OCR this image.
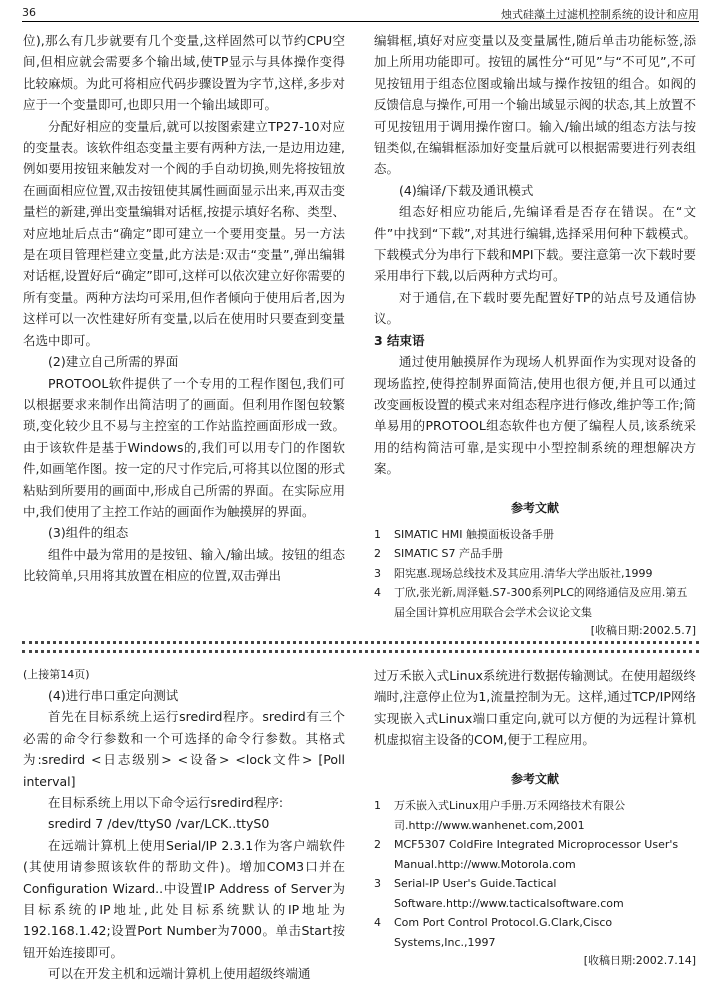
36	烛式硅藻土过滤机控制系统的设计和应用

位),那么有几步就要有几个变量,这样固然可以节约CPU空间,但相应就会需要多个输出域,使TP显示与具体操作变得比较麻烦。为此可将相应代码步骤设置为字节,这样,多步对应于一个变量即可,也即只用一个输出域即可。

分配好相应的变量后,就可以按图索建立TP27-10对应的变量表。该软件组态变量主要有两种方法,一是边用边建,例如要用按钮来触发对一个阀的手自动切换,则先将按钮放在画面相应位置,双击按钮使其属性画面显示出来,再双击变量栏的新建,弹出变量编辑对话框,按提示填好名称、类型、对应地址后点击“确定”即可建立一个要用变量。另一方法是在项目管理栏建立变量,此方法是:双击“变量”,弹出编辑对话框,设置好后“确定”即可,这样可以依次建立好你需要的所有变量。两种方法均可采用,但作者倾向于使用后者,因为这样可以一次性建好所有变量,以后在使用时只要查到变量名选中即可。

(2)建立自己所需的界面

PROTOOL软件提供了一个专用的工程作图包,我们可以根据要求来制作出简洁明了的画面。但利用作图包较繁琐,变化较少且不易与主控室的工作站监控画面形成一致。由于该软件是基于Windows的,我们可以用专门的作图软件,如画笔作图。按一定的尺寸作完后,可将其以位图的形式粘贴到所要用的画面中,形成自己所需的界面。在实际应用中,我们使用了主控工作站的画面作为触摸屏的界面。

(3)组件的组态

组件中最为常用的是按钮、输入/输出域。按钮的组态比较简单,只用将其放置在相应的位置,双击弹出

编辑框,填好对应变量以及变量属性,随后单击功能标签,添加上所用功能即可。按钮的属性分“可见”与“不可见”,不可见按钮用于组态位图或输出域与操作按钮的组合。如阀的反馈信息与操作,可用一个输出域显示阀的状态,其上放置不可见按钮用于调用操作窗口。输入/输出域的组态方法与按钮类似,在编辑框添加好变量后就可以根据需要进行列表组态。

(4)编译/下载及通讯模式

组态好相应功能后,先编译看是否存在错误。在“文件”中找到“下载”,对其进行编辑,选择采用何种下载模式。下载模式分为串行下载和MPI下载。要注意第一次下载时要采用串行下载,以后两种方式均可。

对于通信,在下载时要先配置好TP的站点号及通信协议。

3 结束语

通过使用触摸屏作为现场人机界面作为实现对设备的现场监控,使得控制界面简洁,使用也很方便,并且可以通过改变画板设置的模式来对组态程序进行修改,维护等工作;简单易用的PROTOOL组态软件也方便了编程人员,该系统采用的结构简洁可靠,是实现中小型控制系统的理想解决方案。

参考文献
1 SIMATIC HMI 触摸面板设备手册
2 SIMATIC S7 产品手册
3 阳宪惠.现场总线技术及其应用.清华大学出版社,1999
4 丁欣,张光新,周泽魁.S7-300系列PLC的网络通信及应用.第五届全国计算机应用联合会学术会议论文集
[收稿日期:2002.5.7]

(上接第14页)

(4)进行串口重定向测试

首先在目标系统上运行sredird程序。sredird有三个必需的命令行参数和一个可选择的命令行参数。其格式为:sredird <日志级别> <设备> <lock文件> [Poll interval]

在目标系统上用以下命令运行sredird程序:

sredird 7 /dev/ttyS0 /var/LCK..ttyS0

在远端计算机上使用Serial/IP 2.3.1作为客户端软件(其使用请参照该软件的帮助文件)。增加COM3口并在Configuration Wizard..中设置IP Address of Server为目标系统的IP地址,此处目标系统默认的IP地址为192.168.1.42;设置Port Number为7000。单击Start按钮开始连接即可。

可以在开发主机和远端计算机上使用超级终端通

过万禾嵌入式Linux系统进行数据传输测试。在使用超级终端时,注意停止位为1,流量控制为无。这样,通过TCP/IP网络实现嵌入式Linux端口重定向,就可以方便的为远程计算机机虚拟宿主设备的COM,便于工程应用。

参考文献
1 万禾嵌入式Linux用户手册.万禾网络技术有限公司.http://www.wanhenet.com,2001
2 MCF5307 ColdFire Integrated Microprocessor User's Manual.http://www.Motorola.com
3 Serial-IP User's Guide.Tactical Software.http://www.tacticalsoftware.com
4 Com Port Control Protocol.G.Clark,Cisco Systems,Inc.,1997
[收稿日期:2002.7.14]
